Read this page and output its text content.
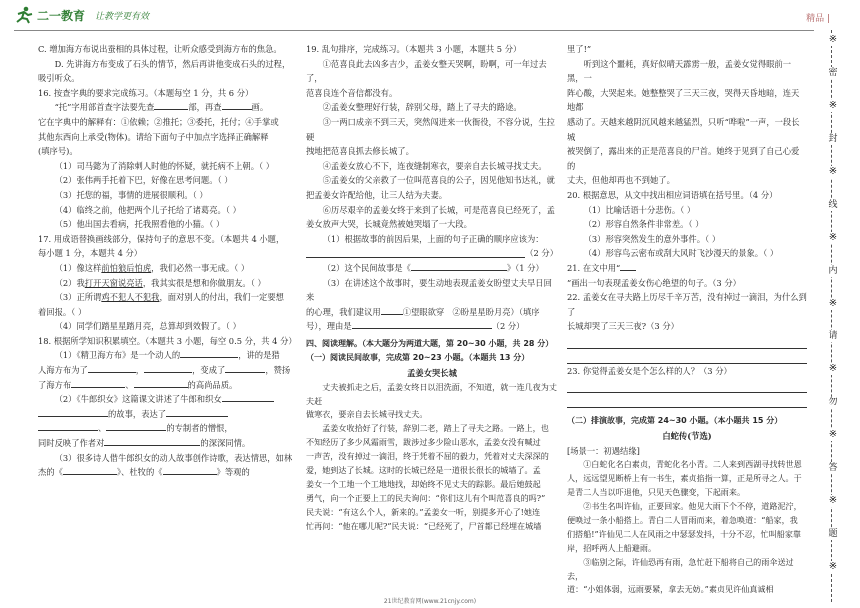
二一教育 让教学更有效	精品 |

C. 增加海方布说出蚕相的具体过程，让听众感受到海方布的焦急。

D. 先讲海方布变成了石头的情节，然后再讲他变成石头的过程，

吸引听众。

16. 按查字典的要求完成练习。（本题每空 1 分，共 6 分）

“托”字用部首查字法要先查	部，再查	画。

它在字典中的解释有：①依赖；②推托；③委托，托付；④手掌或

其他东西向上承受(物体)。请给下面句子中加点字选择正确解释

(填序号)。

（1）司马懿为了消除刺人时他的怀疑，就托病不上朝。（ ）

（2）张伟两手托着下巴，好像在思考问题。（ ）

（3）托您的福，事情的进展很顺利。（ ）

（4）临终之前，他把两个儿子托给了诸葛亮。（ ）

（5）他出国去看病，托我照看他的小猫。（ ）

17. 用成语替换画线部分，保持句子的意思不变。（本题共 4 小题，

每小题 1 分，本题共 4 分）

（1）像这样前怕狼后怕虎，我们必然一事无成。（ ）

（2）我打开天窗说亮话，我其实很是想和你做朋友。（ ）

（3）正所谓鸡不犯人不犯我，面对别人的付出，我们一定要想

着回报。（ ）

（4）同学们踏星星踏月亮，总算却到效假了。（ ）

18. 根据所学知识积累填空。（本题共 3 小题，每空 0.5 分，共 4 分）

（1）《精卫海方布》是一个动人的	，讲的是猎

人海方布为了	，	，变成了	，赞扬

了海方布	、	的高尚品质。

（2）《牛郎织女》这篇课文讲述了牛郎和织女

的故事，表达了

、	的专制者的憎恨，

同时反映了作者对	的深深同情。

（3）很多诗人借牛郎织女的动人故事创作诗歌，表达情思，如林

杰的《	》、杜牧的《	》等观的

19. 乱句排序，完成练习。（本题共 3 小题，本题共 5 分）

①范喜良此去凶多吉少，孟姜女整天哭啊，盼啊，可一年过去了，

范喜良连个音信都没有。

②孟姜女整理好行装，辞别父母，踏上了寻夫的路途。

③一两口成亲不到三天，突然闯进来一伙衙役，不容分说，生拉硬

拽地把范喜良抓去修长城了。

④孟姜女放心不下，连夜缝制寒衣，要亲自去长城寻找丈夫。

⑤孟姜女的父亲救了一位叫范喜良的公子，因见他知书达礼，就

把孟姜女许配给他，让三人结为夫妻。

⑥历尽艰辛的孟姜女终于来到了长城，可是范喜良已经死了，孟

姜女放声大哭，长城竟然被她哭塌了一大段。

（1）根据故事的前因后果，上面的句子正确的顺序应该为：

（2 分）

（2）这个民间故事是《	》（1 分）

（3）在讲述这个故事时，要生动地表现孟姜女盼望丈夫早日回来

的心理，我们建议用	①望眼欲穿　②盼星星盼月亮）（填序

号），理由是	（2 分）

四、阅读理解。（本大题分为两道大题，第 20~30 小题，共 28 分）

（一）阅读民间故事，完成第 20~23 小题。（本题共 13 分）

孟姜女哭长城

丈夫被抓走之后，孟姜女终日以泪洗面，不知道，就一连几夜为丈夫赶

做寒衣，要亲自去长城寻找丈夫。

孟姜女收拾好了行装，辞别二老，踏上了寻夫之路。一路上，也

不知经历了多少风霜雨雪，跋涉过多少险山恶水，孟姜女没有喊过

一声苦，没有掉过一滴泪，终于凭着不屈的毅力，凭着对丈夫深深的

爱，她到达了长城。这时的长城已经是一道很长很长的城墙了。孟

姜女一个工地一个工地地找，却始终不见丈夫的踪影。最后她鼓起

勇气，向一个正要上工的民夫询问：“你们这儿有个叫范喜良的吗?”

民夫说：“有这么个人，新来的。”孟姜女一听，别提多开心了!她连

忙再问：“他在哪儿呢?”民夫说：“已经死了，尸首都已经埋在城墙

里了!”

听到这个噩耗，真好似晴天霹雳一般，孟姜女觉得眼前一黑，一

阵心酸，大哭起来。她整整哭了三天三夜，哭得天昏地暗，连天地都

感动了。天越来越阴沉风越来越猛烈，只听“哗啦”一声，一段长城

被哭倒了，露出来的正是范喜良的尸首。她终于见到了自己心爱的

丈夫，但他却再也不到她了。

20. 根据意思，从文中找出相应词语填在括号里。（4 分）

（1）比喻话语十分悲伤。（ ）

（2）形容自然条件非常差。（ ）

（3）形容突然发生的意外事件。（ ）

（4）形容鸟云密布或刮大风时飞沙漫天的景象。（ ）

21. 在文中用“”画出一句表现孟姜女伤心绝望的句子。（3 分）

22. 孟姜女在寻夫路上历尽千辛万苦，没有掉过一滴泪，为什么到了

长城却哭了三天三夜?（3 分）

23. 你觉得孟姜女是个怎么样的人？（3 分）

（二）排演故事，完成第 24~30 小题。（本小题共 15 分）

白蛇传(节选)

[场景一：初遇结缘]

①白蛇化名白素贞，青蛇化名小青。二人来到西湖寻找转世恩

人，远远望见断桥上有一书生，素贞掐指一算，正是所寻之人。于

是青二人当以吓退他，只见天色骤变，下起雨来。

②书生名叫许仙，正要回家。他见大雨下个不停，道路泥泞，

便唤过一条小船搭上。青白二人冒雨而来，着急唤道：“船家，我

们搭船!”许仙见二人在风雨之中瑟瑟发抖，十分不忍，忙叫船家靠

岸，招呼两人上船避雨。

③临别之际，许仙恐再有雨，急忙赶下船将自己的雨伞送过去，

道：“小姐体弱，远雨要紧，拿去无妨。”素贞见许仙真诚相

※
密
※
封
※
线
※
内
※
请
※
勿
※
答
※
题
※
21世纪教育网(www.21cnjy.com)
